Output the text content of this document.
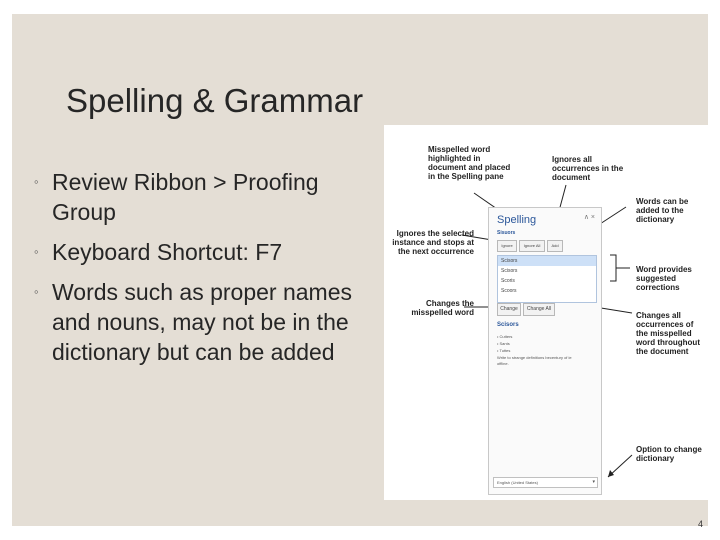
Spelling & Grammar
◦ Review Ribbon > Proofing Group
◦ Keyboard Shortcut: F7
◦ Words such as proper names and nouns, may not be in the dictionary but can be added
Misspelled word highlighted in document and placed in the Spelling pane
Ignores all occurrences in the document
Words can be added to the dictionary
Ignores the selected instance and stops at the next occurrence
Word provides suggested corrections
Changes the misspelled word	Changes all occurrences of the misspelled word throughout the document
Option to change dictionary
Spelling	∧ ×
Sisuors
Ignore	Ignore All	Add
Scisors
Scisors
Scoris
Scoors
Change	Change All
Scisors
• Cutters
• Sants
• Tuttes
Write to strange definitions becentury of ie
offline.
English (United States)	▾
4
